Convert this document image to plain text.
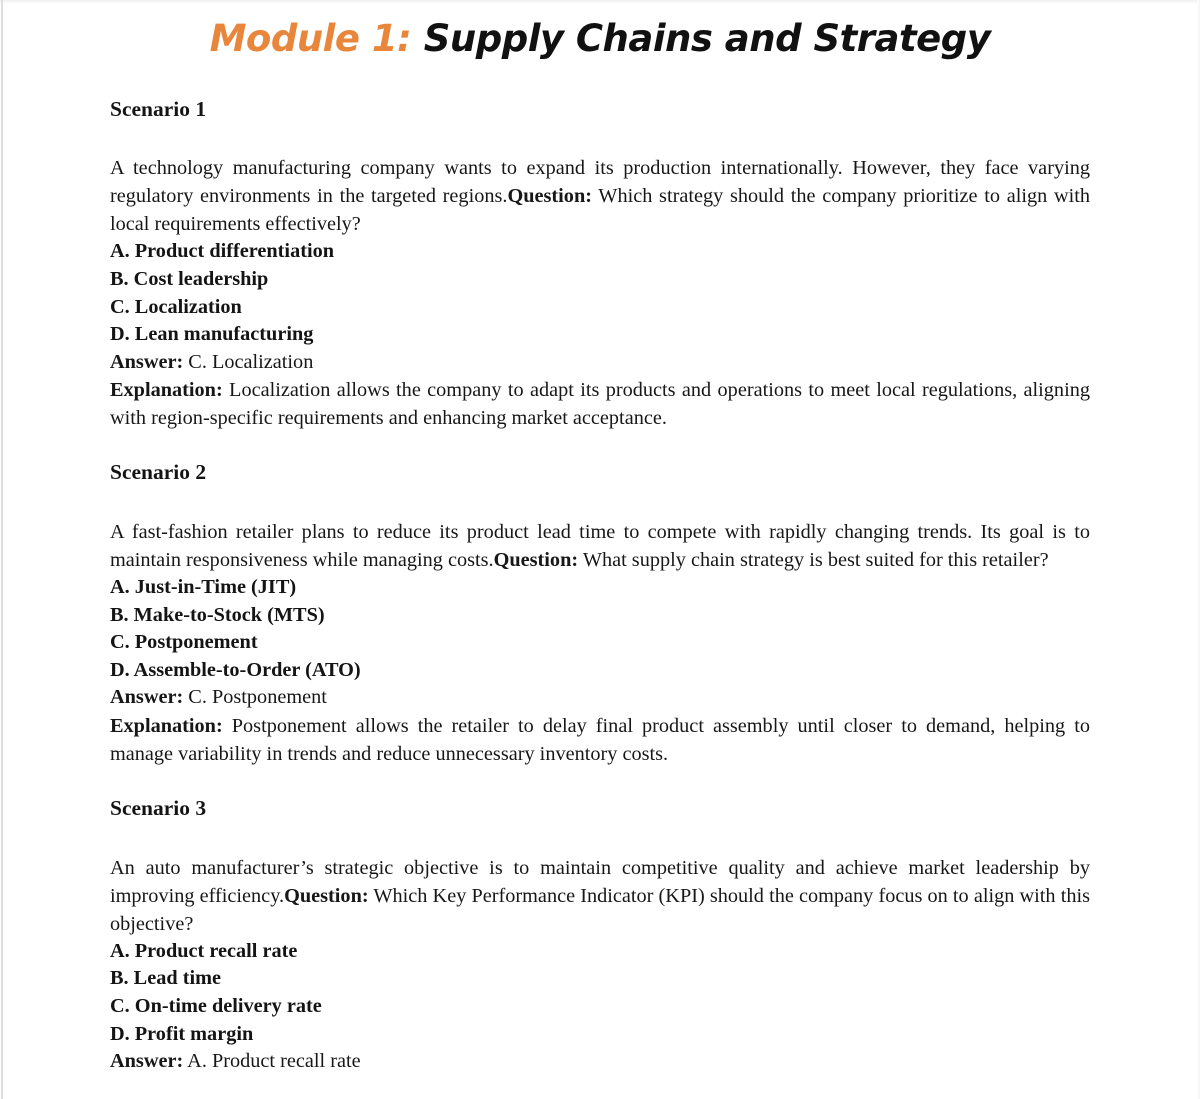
Module 1: Supply Chains and Strategy
Scenario 1

A technology manufacturing company wants to expand its production internationally. However, they face varying regulatory environments in the targeted regions.Question: Which strategy should the company prioritize to align with local requirements effectively?

A. Product differentiation
B. Cost leadership
C. Localization
D. Lean manufacturing
Answer: C. Localization

Explanation: Localization allows the company to adapt its products and operations to meet local regulations, aligning with region-specific requirements and enhancing market acceptance.

Scenario 2

A fast-fashion retailer plans to reduce its product lead time to compete with rapidly changing trends. Its goal is to maintain responsiveness while managing costs.Question: What supply chain strategy is best suited for this retailer?

A. Just-in-Time (JIT)
B. Make-to-Stock (MTS)
C. Postponement
D. Assemble-to-Order (ATO)
Answer: C. Postponement

Explanation: Postponement allows the retailer to delay final product assembly until closer to demand, helping to manage variability in trends and reduce unnecessary inventory costs.

Scenario 3

An auto manufacturer’s strategic objective is to maintain competitive quality and achieve market leadership by improving efficiency.Question: Which Key Performance Indicator (KPI) should the company focus on to align with this objective?

A. Product recall rate
B. Lead time
C. On-time delivery rate
D. Profit margin
Answer: A. Product recall rate
